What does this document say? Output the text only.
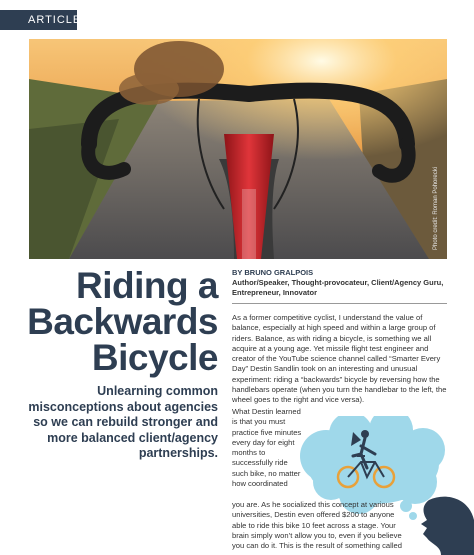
ARTICLE
Photo credit: Roman Pohorecki
Riding a
Backwards
Bicycle
Unlearning common misconceptions about agencies so we can rebuild stronger and more balanced client/agency partnerships.
BY BRUNO GRALPOIS
Author/Speaker, Thought-provocateur, Client/Agency Guru, Entrepreneur, Innovator
As a former competitive cyclist, I understand the value of balance, especially at high speed and within a large group of riders. Balance, as with riding a bicycle, is something we all acquire at a young age. Yet missile flight test engineer and creator of the YouTube science channel called “Smarter Every Day” Destin Sandlin took on an interesting and unusual experiment: riding a “backwards” bicycle by reversing how the handlebars operate (when you turn the handlebar to the left, the wheel goes to the right and vice versa).
What Destin learned is that you must practice five minutes every day for eight months to successfully ride such bike, no matter how coordinated
you are. As he socialized this concept at various universities, Destin even offered $200 to anyone able to ride this bike 10 feet across a stage. Your brain simply won’t allow you to, even if you believe you can do it. This is the result of something called
